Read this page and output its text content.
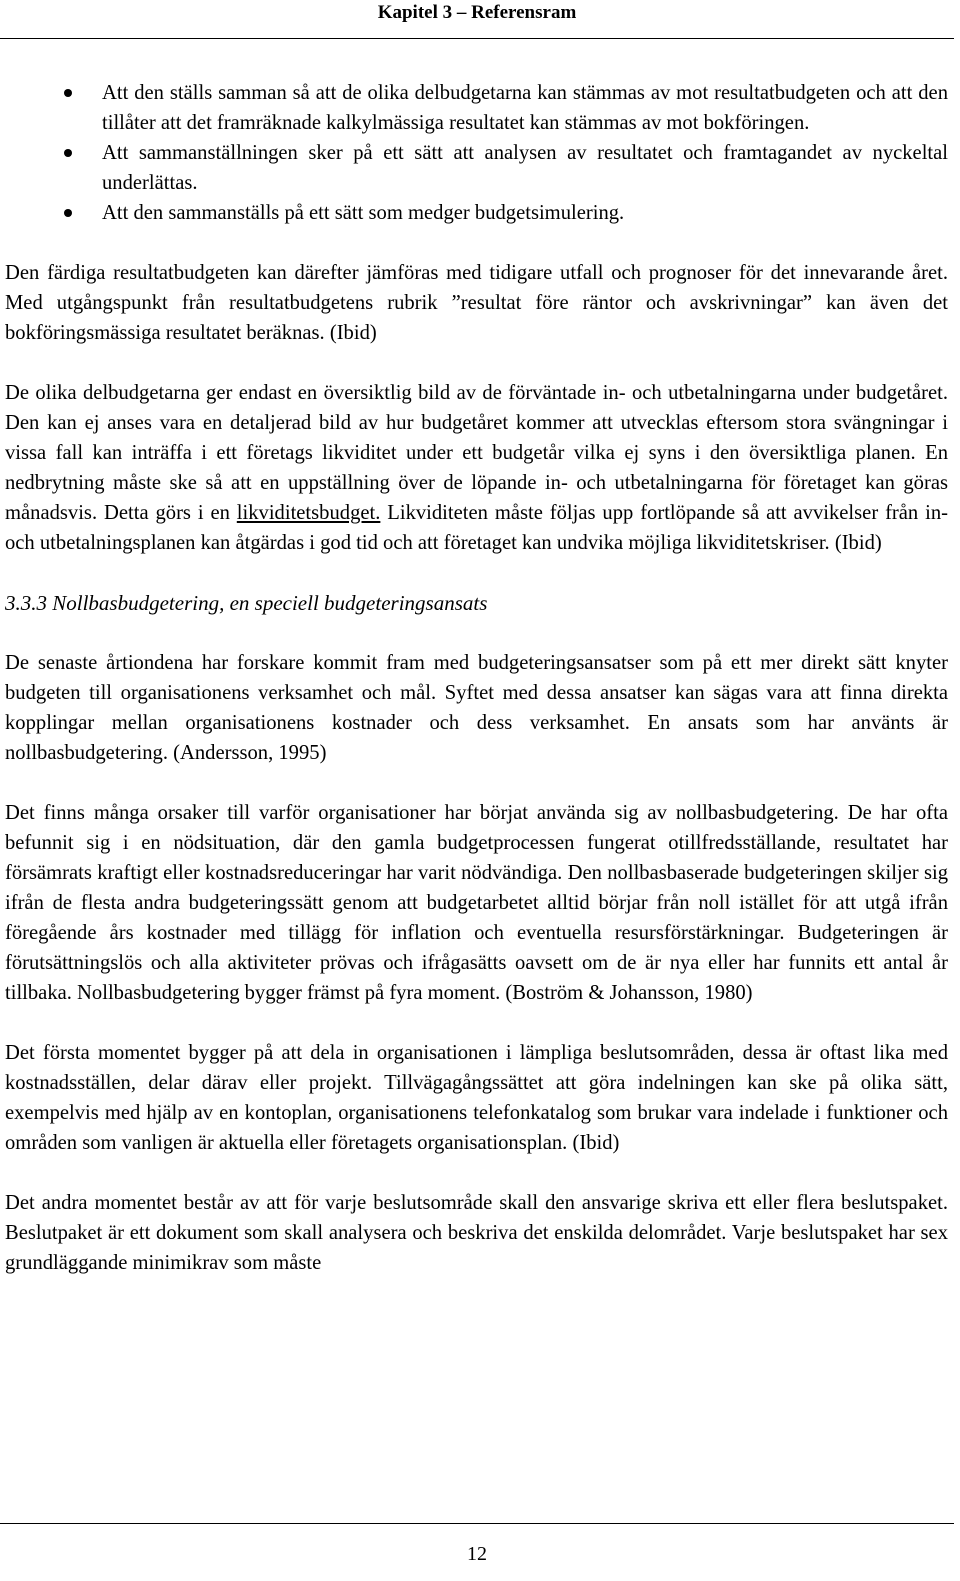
Kapitel 3 – Referensram
Att den ställs samman så att de olika delbudgetarna kan stämmas av mot resultatbudgeten och att den tillåter att det framräknade kalkylmässiga resultatet kan stämmas av mot bokföringen.
Att sammanställningen sker på ett sätt att analysen av resultatet och framtagandet av nyckeltal underlättas.
Att den sammanställs på ett sätt som medger budgetsimulering.

Den färdiga resultatbudgeten kan därefter jämföras med tidigare utfall och prognoser för det innevarande året. Med utgångspunkt från resultatbudgetens rubrik ”resultat före räntor och avskrivningar” kan även det bokföringsmässiga resultatet beräknas. (Ibid)

De olika delbudgetarna ger endast en översiktlig bild av de förväntade in- och utbetalningarna under budgetåret. Den kan ej anses vara en detaljerad bild av hur budgetåret kommer att utvecklas eftersom stora svängningar i vissa fall kan inträffa i ett företags likviditet under ett budgetår vilka ej syns i den översiktliga planen. En nedbrytning måste ske så att en uppställning över de löpande in- och utbetalningarna för företaget kan göras månadsvis. Detta görs i en likviditetsbudget. Likviditeten måste följas upp fortlöpande så att avvikelser från in- och utbetalningsplanen kan åtgärdas i god tid och att företaget kan undvika möjliga likviditetskriser. (Ibid)

3.3.3 Nollbasbudgetering, en speciell budgeteringsansats

De senaste årtiondena har forskare kommit fram med budgeteringsansatser som på ett mer direkt sätt knyter budgeten till organisationens verksamhet och mål. Syftet med dessa ansatser kan sägas vara att finna direkta kopplingar mellan organisationens kostnader och dess verksamhet. En ansats som har använts är nollbasbudgetering. (Andersson, 1995)

Det finns många orsaker till varför organisationer har börjat använda sig av nollbasbudgetering. De har ofta befunnit sig i en nödsituation, där den gamla budgetprocessen fungerat otillfredsställande, resultatet har försämrats kraftigt eller kostnadsreduceringar har varit nödvändiga. Den nollbasbaserade budgeteringen skiljer sig ifrån de flesta andra budgeteringssätt genom att budgetarbetet alltid börjar från noll istället för att utgå ifrån föregående års kostnader med tillägg för inflation och eventuella resursförstärkningar. Budgeteringen är förutsättningslös och alla aktiviteter prövas och ifrågasätts oavsett om de är nya eller har funnits ett antal år tillbaka. Nollbasbudgetering bygger främst på fyra moment. (Boström & Johansson, 1980)

Det första momentet bygger på att dela in organisationen i lämpliga beslutsområden, dessa är oftast lika med kostnadsställen, delar därav eller projekt. Tillvägagångssättet att göra indelningen kan ske på olika sätt, exempelvis med hjälp av en kontoplan, organisationens telefonkatalog som brukar vara indelade i funktioner och områden som vanligen är aktuella eller företagets organisationsplan. (Ibid)

Det andra momentet består av att för varje beslutsområde skall den ansvarige skriva ett eller flera beslutspaket. Beslutpaket är ett dokument som skall analysera och beskriva det enskilda delområdet. Varje beslutspaket har sex grundläggande minimikrav som måste

12
